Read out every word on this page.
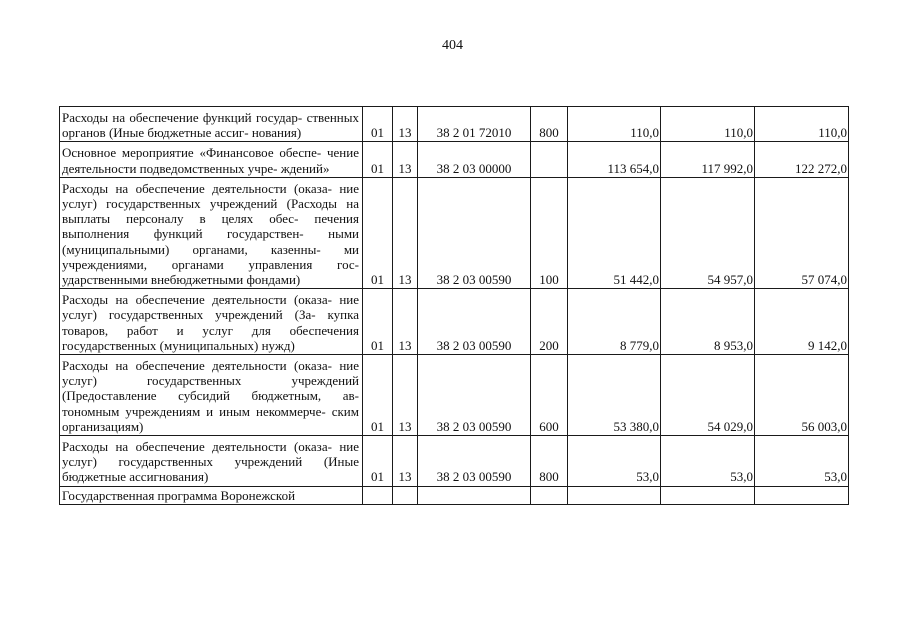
404
Расходы на обеспечение функций государ- ственных органов (Иные бюджетные ассиг- нования)	01	13	38 2 01 72010	800	110,0	110,0	110,0
Основное мероприятие «Финансовое обеспе- чение деятельности подведомственных учре- ждений»	01	13	38 2 03 00000		113 654,0	117 992,0	122 272,0
Расходы на обеспечение деятельности (оказа- ние услуг) государственных учреждений (Расходы на выплаты персоналу в целях обес- печения выполнения функций государствен- ными (муниципальными) органами, казенны- ми учреждениями, органами управления гос- ударственными внебюджетными фондами)	01	13	38 2 03 00590	100	51 442,0	54 957,0	57 074,0
Расходы на обеспечение деятельности (оказа- ние услуг) государственных учреждений (За- купка товаров, работ и услуг для обеспечения государственных (муниципальных) нужд)	01	13	38 2 03 00590	200	8 779,0	8 953,0	9 142,0
Расходы на обеспечение деятельности (оказа- ние услуг) государственных учреждений (Предоставление субсидий бюджетным, ав- тономным учреждениям и иным некоммерче- ским организациям)	01	13	38 2 03 00590	600	53 380,0	54 029,0	56 003,0
Расходы на обеспечение деятельности (оказа- ние услуг) государственных учреждений (Иные бюджетные ассигнования)	01	13	38 2 03 00590	800	53,0	53,0	53,0
Государственная программа Воронежской							
